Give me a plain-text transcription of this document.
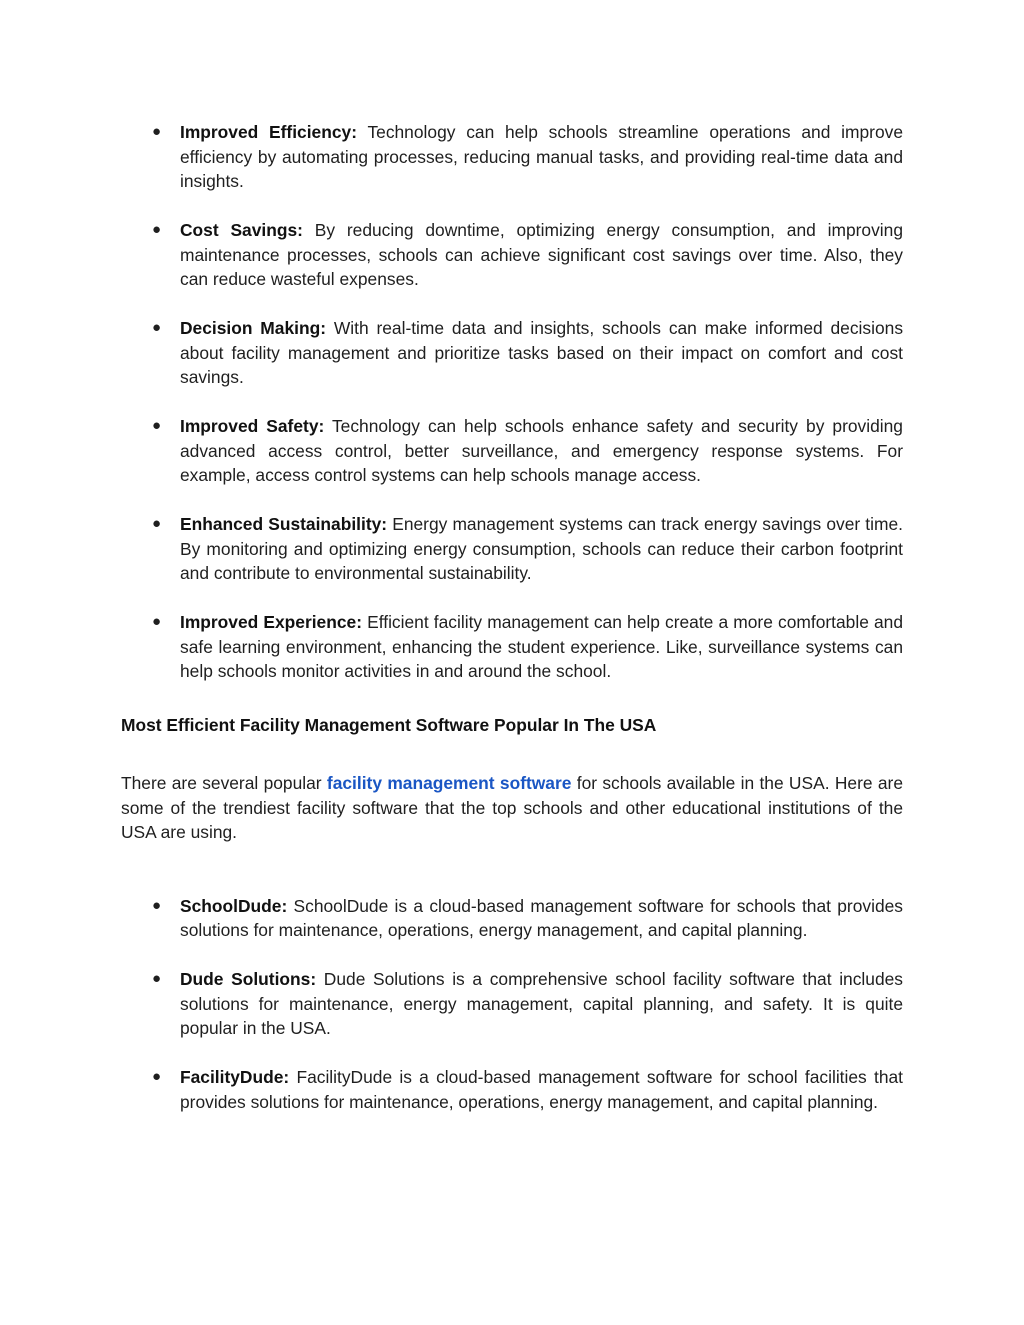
● Improved Efficiency: Technology can help schools streamline operations and improve efficiency by automating processes, reducing manual tasks, and providing real-time data and insights.
● Cost Savings: By reducing downtime, optimizing energy consumption, and improving maintenance processes, schools can achieve significant cost savings over time. Also, they can reduce wasteful expenses.
● Decision Making: With real-time data and insights, schools can make informed decisions about facility management and prioritize tasks based on their impact on comfort and cost savings.
● Improved Safety: Technology can help schools enhance safety and security by providing advanced access control, better surveillance, and emergency response systems. For example, access control systems can help schools manage access.
● Enhanced Sustainability: Energy management systems can track energy savings over time. By monitoring and optimizing energy consumption, schools can reduce their carbon footprint and contribute to environmental sustainability.
● Improved Experience: Efficient facility management can help create a more comfortable and safe learning environment, enhancing the student experience. Like, surveillance systems can help schools monitor activities in and around the school.
Most Efficient Facility Management Software Popular In The USA

There are several popular facility management software for schools available in the USA. Here are some of the trendiest facility software that the top schools and other educational institutions of the USA are using.

● SchoolDude: SchoolDude is a cloud-based management software for schools that provides solutions for maintenance, operations, energy management, and capital planning.
● Dude Solutions: Dude Solutions is a comprehensive school facility software that includes solutions for maintenance, energy management, capital planning, and safety. It is quite popular in the USA.
● FacilityDude: FacilityDude is a cloud-based management software for school facilities that provides solutions for maintenance, operations, energy management, and capital planning.
